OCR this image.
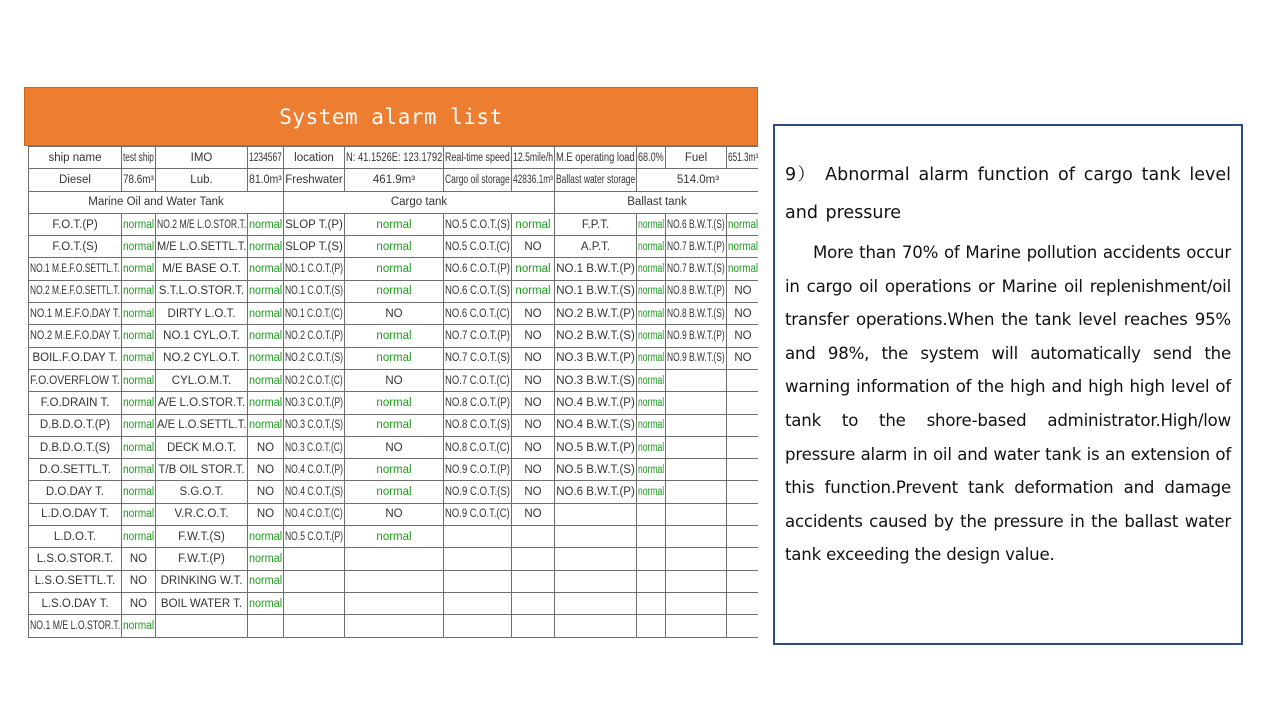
System alarm list
ship name	test ship	IMO	1234567	location	N: 41.1526E: 123.1792	Real-time speed	12.5mile/h	M.E operating load	68.0%	Fuel	651.3m³
Diesel	78.6m³	Lub.	81.0m³	Freshwater	461.9m³	Cargo oil storage	42836.1m³	Ballast water storage	514.0m³		
Marine Oil and Water Tank				Cargo tank				Ballast tank			
F.O.T.(P)	normal	NO.2 M/E L.O.STOR.T.	normal	SLOP T.(P)	normal	NO.5 C.O.T.(S)	normal	F.P.T.	normal	NO.6 B.W.T.(S)	normal
F.O.T.(S)	normal	M/E L.O.SETTL.T.	normal	SLOP T.(S)	normal	NO.5 C.O.T.(C)	NO	A.P.T.	normal	NO.7 B.W.T.(P)	normal
NO.1 M.E.F.O.SETTL.T.	normal	M/E BASE O.T.	normal	NO.1 C.O.T.(P)	normal	NO.6 C.O.T.(P)	normal	NO.1 B.W.T.(P)	normal	NO.7 B.W.T.(S)	normal
NO.2 M.E.F.O.SETTL.T.	normal	S.T.L.O.STOR.T.	normal	NO.1 C.O.T.(S)	normal	NO.6 C.O.T.(S)	normal	NO.1 B.W.T.(S)	normal	NO.8 B.W.T.(P)	NO
NO.1 M.E.F.O.DAY T.	normal	DIRTY L.O.T.	normal	NO.1 C.O.T.(C)	NO	NO.6 C.O.T.(C)	NO	NO.2 B.W.T.(P)	normal	NO.8 B.W.T.(S)	NO
NO.2 M.E.F.O.DAY T.	normal	NO.1 CYL.O.T.	normal	NO.2 C.O.T.(P)	normal	NO.7 C.O.T.(P)	NO	NO.2 B.W.T.(S)	normal	NO.9 B.W.T.(P)	NO
BOIL.F.O.DAY T.	normal	NO.2 CYL.O.T.	normal	NO.2 C.O.T.(S)	normal	NO.7 C.O.T.(S)	NO	NO.3 B.W.T.(P)	normal	NO.9 B.W.T.(S)	NO
F.O.OVERFLOW T.	normal	CYL.O.M.T.	normal	NO.2 C.O.T.(C)	NO	NO.7 C.O.T.(C)	NO	NO.3 B.W.T.(S)	normal		
F.O.DRAIN T.	normal	A/E L.O.STOR.T.	normal	NO.3 C.O.T.(P)	normal	NO.8 C.O.T.(P)	NO	NO.4 B.W.T.(P)	normal		
D.B.D.O.T.(P)	normal	A/E L.O.SETTL.T.	normal	NO.3 C.O.T.(S)	normal	NO.8 C.O.T.(S)	NO	NO.4 B.W.T.(S)	normal		
D.B.D.O.T.(S)	normal	DECK M.O.T.	NO	NO.3 C.O.T.(C)	NO	NO.8 C.O.T.(C)	NO	NO.5 B.W.T.(P)	normal		
D.O.SETTL.T.	normal	T/B OIL STOR.T.	NO	NO.4 C.O.T.(P)	normal	NO.9 C.O.T.(P)	NO	NO.5 B.W.T.(S)	normal		
D.O.DAY T.	normal	S.G.O.T.	NO	NO.4 C.O.T.(S)	normal	NO.9 C.O.T.(S)	NO	NO.6 B.W.T.(P)	normal		
L.D.O.DAY T.	normal	V.R.C.O.T.	NO	NO.4 C.O.T.(C)	NO	NO.9 C.O.T.(C)	NO				
L.D.O.T.	normal	F.W.T.(S)	normal	NO.5 C.O.T.(P)	normal						
L.S.O.STOR.T.	NO	F.W.T.(P)	normal								
L.S.O.SETTL.T.	NO	DRINKING W.T.	normal								
L.S.O.DAY T.	NO	BOIL WATER T.	normal								
NO.1 M/E L.O.STOR.T.	normal										

9） Abnormal alarm function of cargo tank level and pressure

More than 70% of Marine pollution accidents occur in cargo oil operations or Marine oil replenishment/oil transfer operations.When the tank level reaches 95% and 98%, the system will automatically send the warning information of the high and high high level of tank to the shore-based administrator.High/low pressure alarm in oil and water tank is an extension of this function.Prevent tank deformation and damage accidents caused by the pressure in the ballast water tank exceeding the design value.
